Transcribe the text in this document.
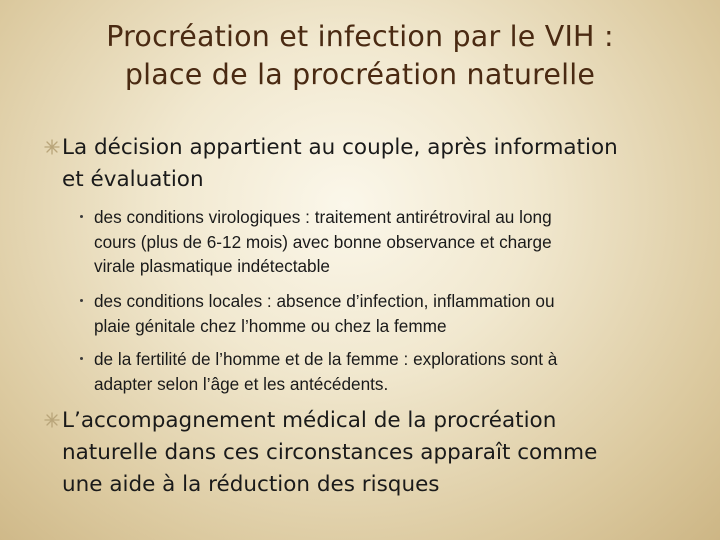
Procréation et infection par le VIH :
place de la procréation naturelle
La décision appartient au couple, après information
et évaluation
des conditions virologiques : traitement antirétroviral au long
cours (plus de 6-12 mois) avec bonne observance et charge
virale plasmatique indétectable
des conditions locales : absence d’infection, inflammation ou
plaie génitale chez l’homme ou chez la femme
de la fertilité de l’homme et de la femme : explorations sont à
adapter selon l’âge et les antécédents.
L’accompagnement médical de la procréation
naturelle dans ces circonstances apparaît comme
une aide à la réduction des risques
